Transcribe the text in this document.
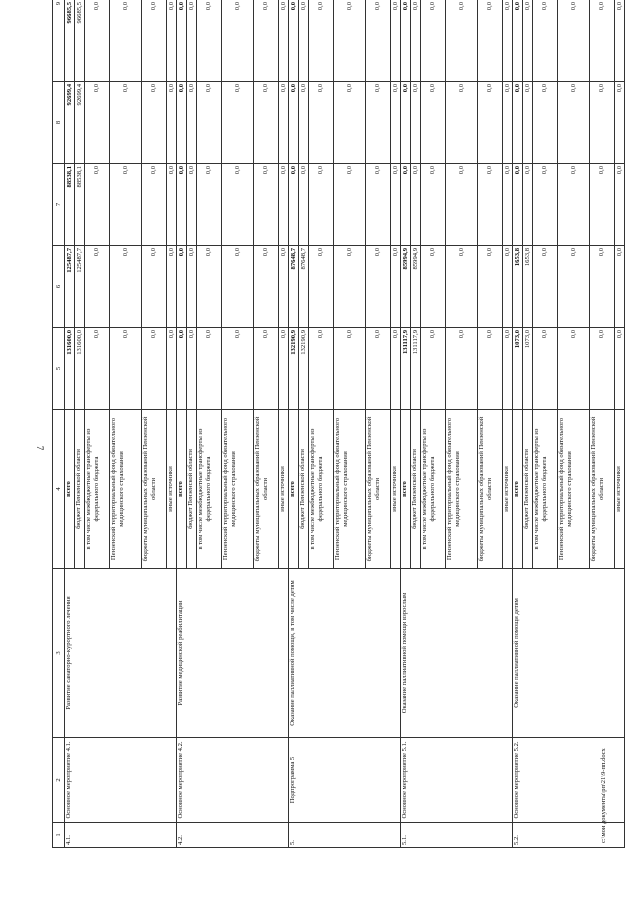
7
c:\мои документы\рп\21\9-пп.docx
1	2	3	4	5	6	7	8	9
4.1.	Основное мероприятие 4.1.	Развитие санаторно-курортного лечения	всего	131600,0	125487,7	88538,1	92699,4	96685,5
			бюджет Пензенской области	131600,0	125487,7	88538,1	92699,4	96685,5
			в том числе межбюджетные трансферты из федерального бюджета	0,0	0,0	0,0	0,0	0,0
			Пензенский территориальный фонд обязательного медицинского страхования	0,0	0,0	0,0	0,0	0,0
			бюджеты муниципальных образований Пензенской области	0,0	0,0	0,0	0,0	0,0
			иные источники	0,0	0,0	0,0	0,0	0,0
4.2.	Основное мероприятие 4.2.	Развитие медицинской реабилитации	всего	0,0	0,0	0,0	0,0	0,0
			бюджет Пензенской области	0,0	0,0	0,0	0,0	0,0
			в том числе межбюджетные трансферты из федерального бюджета	0,0	0,0	0,0	0,0	0,0
			Пензенский территориальный фонд обязательного медицинского страхования	0,0	0,0	0,0	0,0	0,0
			бюджеты муниципальных образований Пензенской области	0,0	0,0	0,0	0,0	0,0
			иные источники	0,0	0,0	0,0	0,0	0,0
5.	Подпрограмма 5	Оказание паллиативной помощи, в том числе детям	всего	132190,9	87648,7	0,0	0,0	0,0
			бюджет Пензенской области	132190,9	87648,7	0,0	0,0	0,0
			в том числе межбюджетные трансферты из федерального бюджета	0,0	0,0	0,0	0,0	0,0
			Пензенский территориальный фонд обязательного медицинского страхования	0,0	0,0	0,0	0,0	0,0
			бюджеты муниципальных образований Пензенской области	0,0	0,0	0,0	0,0	0,0
			иные источники	0,0	0,0	0,0	0,0	0,0
5.1.	Основное мероприятие 5.1.	Оказание паллиативной помощи взрослым	всего	131117,9	85994,9	0,0	0,0	0,0
			бюджет Пензенской области	131117,9	85994,9	0,0	0,0	0,0
			в том числе межбюджетные трансферты из федерального бюджета	0,0	0,0	0,0	0,0	0,0
			Пензенский территориальный фонд обязательного медицинского страхования	0,0	0,0	0,0	0,0	0,0
			бюджеты муниципальных образований Пензенской области	0,0	0,0	0,0	0,0	0,0
			иные источники	0,0	0,0	0,0	0,0	0,0
5.2.	Основное мероприятие 5.2.	Оказание паллиативной помощи детям	всего	1073,0	1653,8	0,0	0,0	0,0
			бюджет Пензенской области	1073,0	1653,8	0,0	0,0	0,0
			в том числе межбюджетные трансферты из федерального бюджета	0,0	0,0	0,0	0,0	0,0
			Пензенский территориальный фонд обязательного медицинского страхования	0,0	0,0	0,0	0,0	0,0
			бюджеты муниципальных образований Пензенской области	0,0	0,0	0,0	0,0	0,0
			иные источники	0,0	0,0	0,0	0,0	0,0
